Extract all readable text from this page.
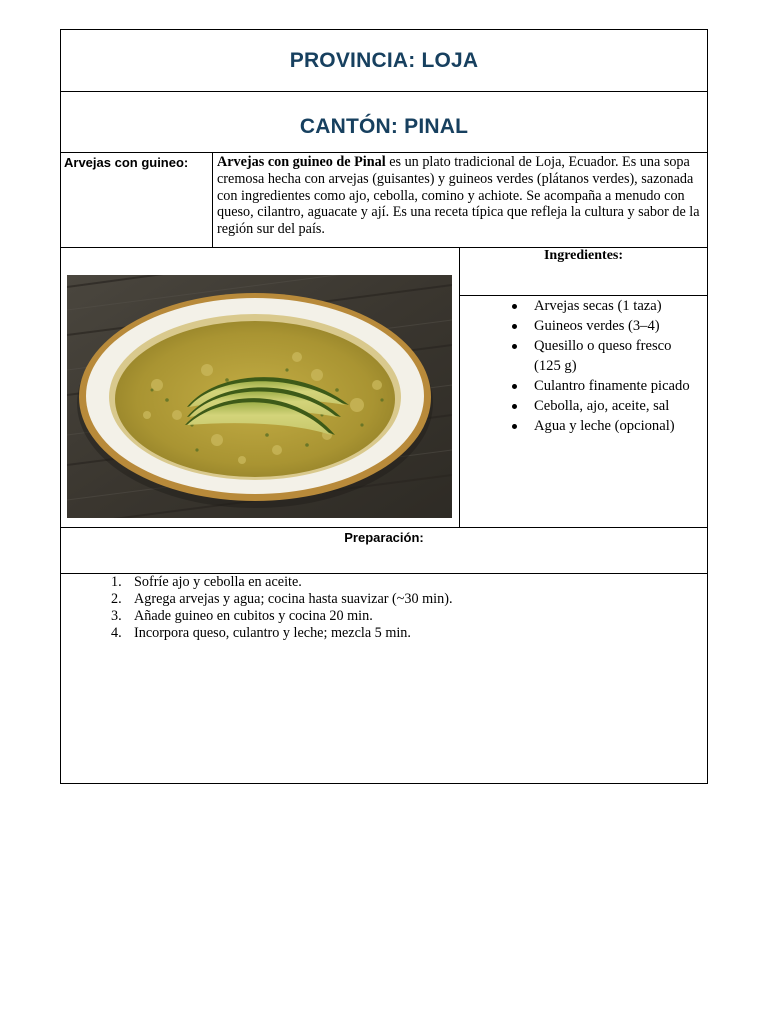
PROVINCIA: LOJA
CANTÓN: PINAL
Arvejas con guineo:	Arvejas con guineo de Pinal es un plato tradicional de Loja, Ecuador. Es una sopa cremosa hecha con arvejas (guisantes) y guineos verdes (plátanos verdes), sazonada con ingredientes como ajo, cebolla, comino y achiote. Se acompaña a menudo con queso, cilantro, aguacate y ají. Es una receta típica que refleja la cultura y sabor de la región sur del país.
Ingredientes:
Arvejas secas (1 taza)
Guineos verdes (3–4)
Quesillo o queso fresco (125 g)
Culantro finamente picado
Cebolla, ajo, aceite, sal
Agua y leche (opcional)
Preparación:
1. Sofríe ajo y cebolla en aceite.
2. Agrega arvejas y agua; cocina hasta suavizar (~30 min).
3. Añade guineo en cubitos y cocina 20 min.
4. Incorpora queso, culantro y leche; mezcla 5 min.
